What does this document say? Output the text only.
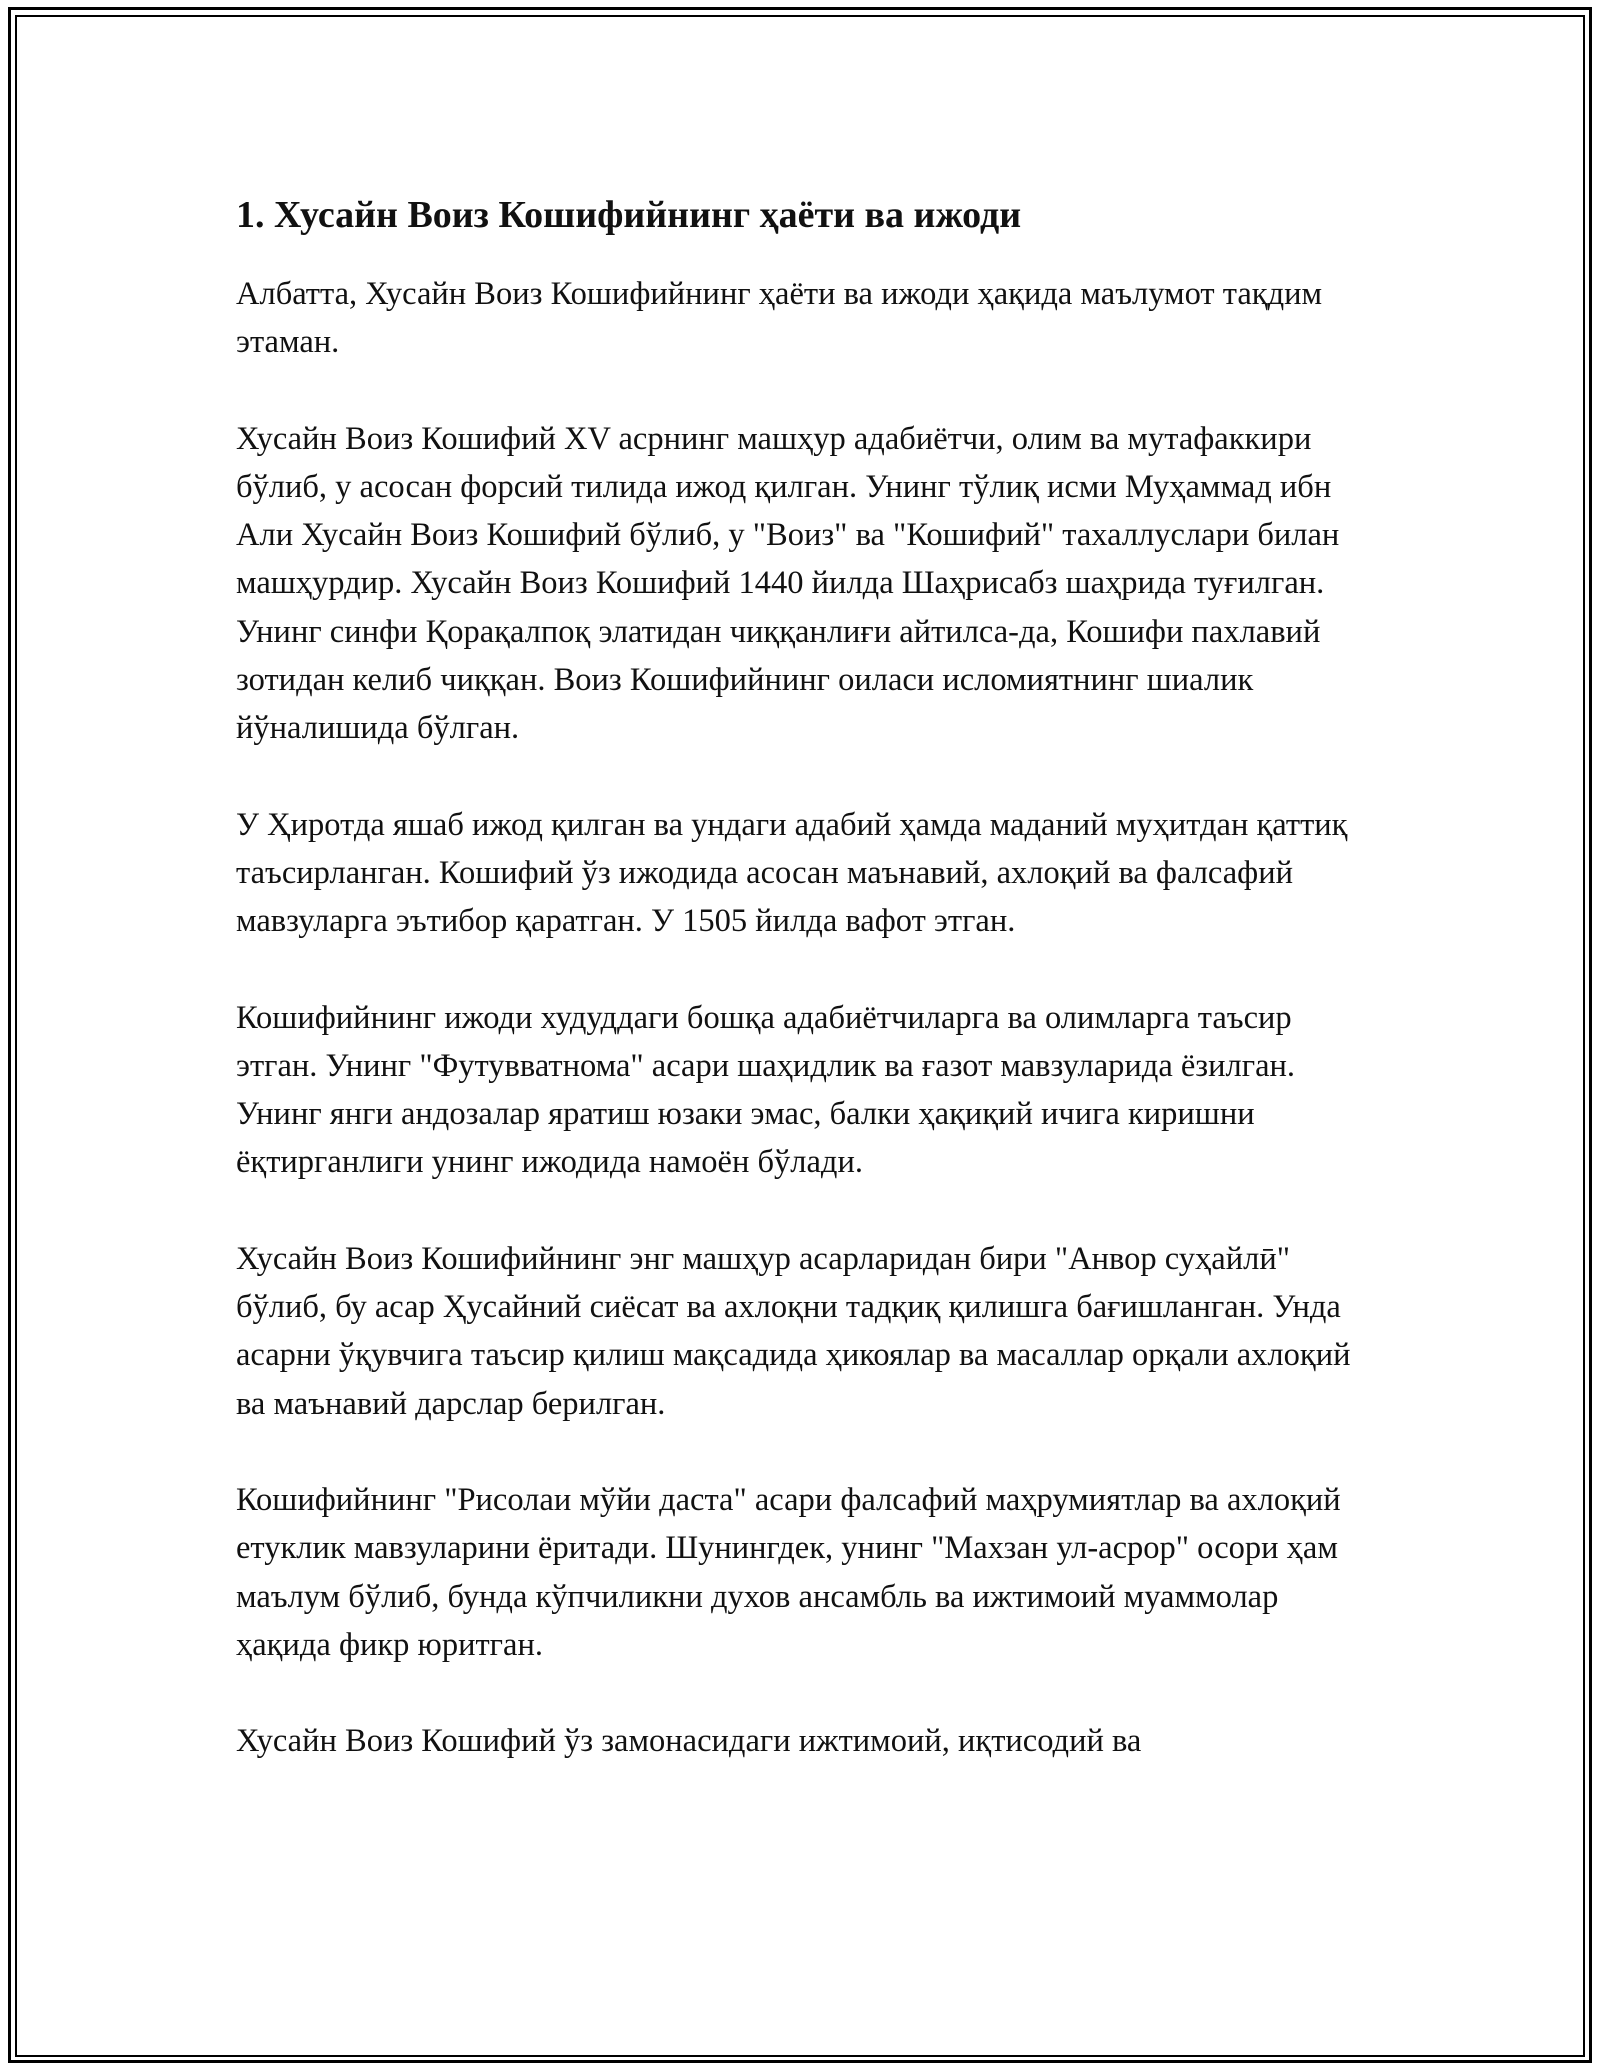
1. Хусайн Воиз Кошифийнинг ҳаёти ва ижоди

Албатта, Хусайн Воиз Кошифийнинг ҳаёти ва ижоди ҳақида маълумот тақдим этаман.

Хусайн Воиз Кошифий XV асрнинг машҳур адабиётчи, олим ва мутафаккири бўлиб, у асосан форсий тилида ижод қилган. Унинг тўлиқ исми Муҳаммад ибн Али Хусайн Воиз Кошифий бўлиб, у "Воиз" ва "Кошифий" тахаллуслари билан машҳурдир. Хусайн Воиз Кошифий 1440 йилда Шаҳрисабз шаҳрида туғилган. Унинг синфи Қорақалпоқ элатидан чиққанлиғи айтилса-да, Кошифи пахлавий зотидан келиб чиққан. Воиз Кошифийнинг оиласи исломиятнинг шиалик йўналишида бўлган.

У Ҳиротда яшаб ижод қилган ва ундаги адабий ҳамда маданий муҳитдан қаттиқ таъсирланган. Кошифий ўз ижодида асосан маънавий, ахлоқий ва фалсафий мавзуларга эътибор қаратган. У 1505 йилда вафот этган.

Кошифийнинг ижоди худуддаги бошқа адабиётчиларга ва олимларга таъсир этган. Унинг "Футувватнома" асари шаҳидлик ва ғазот мавзуларида ёзилган. Унинг янги андозалар яратиш юзаки эмас, балки ҳақиқий ичига киришни ёқтирганлиги унинг ижодида намоён бўлади.

Хусайн Воиз Кошифийнинг энг машҳур асарларидан бири "Анвор суҳайлӣ" бўлиб, бу асар Ҳусайний сиёсат ва ахлоқни тадқиқ қилишга бағишланган. Унда асарни ўқувчига таъсир қилиш мақсадида ҳикоялар ва масаллар орқали ахлоқий ва маънавий дарслар берилган.

Кошифийнинг "Рисолаи мўйи даста" асари фалсафий маҳрумиятлар ва ахлоқий етуклик мавзуларини ёритади. Шунингдек, унинг "Махзан ул-асрор" осори ҳам маълум бўлиб, бунда кўпчиликни духов ансамбль ва ижтимоий муаммолар ҳақида фикр юритган.

Хусайн Воиз Кошифий ўз замонасидаги ижтимоий, иқтисодий ва
